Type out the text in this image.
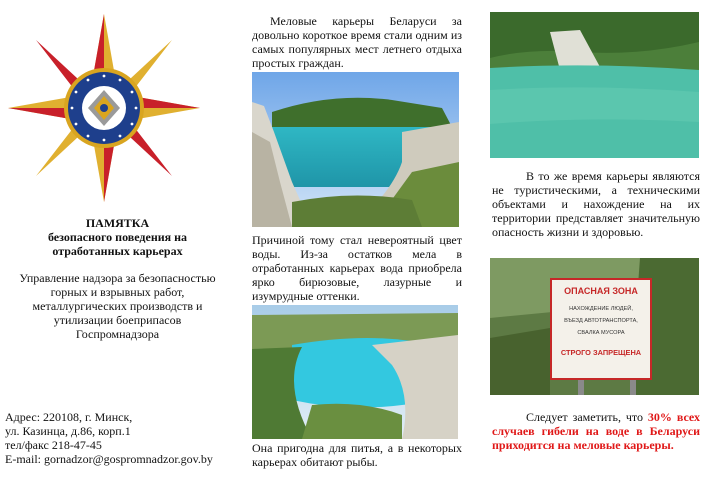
ПАМЯТКА
безопасного поведения на
отработанных карьерах
Управление надзора за безопасностью
горных и взрывных работ,
металлургических производств и
утилизации боеприпасов
Госпромнадзора
Адрес: 220108, г. Минск,
ул. Казинца, д.86, корп.1
тел/факс 218-47-45
E-mail: gornadzor@gospromnadzor.gov.by
Меловые карьеры Беларуси за довольно короткое время стали одним из самых популярных мест летнего отдыха простых граждан.
Причиной тому стал невероятный цвет воды. Из-за остатков мела в отработанных карьерах вода приобрела ярко бирюзовые, лазурные и изумрудные оттенки.
Она пригодна для питья, а в некоторых карьерах обитают рыбы.
В то же время карьеры являются не туристическими, а техническими объектами и нахождение на их территории представляет значительную опасность жизни и здоровью.
ОПАСНАЯ ЗОНА
НАХОЖДЕНИЕ ЛЮДЕЙ,
ВЪЕЗД АВТОТРАНСПОРТА,
СВАЛКА МУСОРА
СТРОГО ЗАПРЕЩЕНА
Следует заметить, что 30% всех случаев гибели на воде в Беларуси приходится на меловые карьеры.
